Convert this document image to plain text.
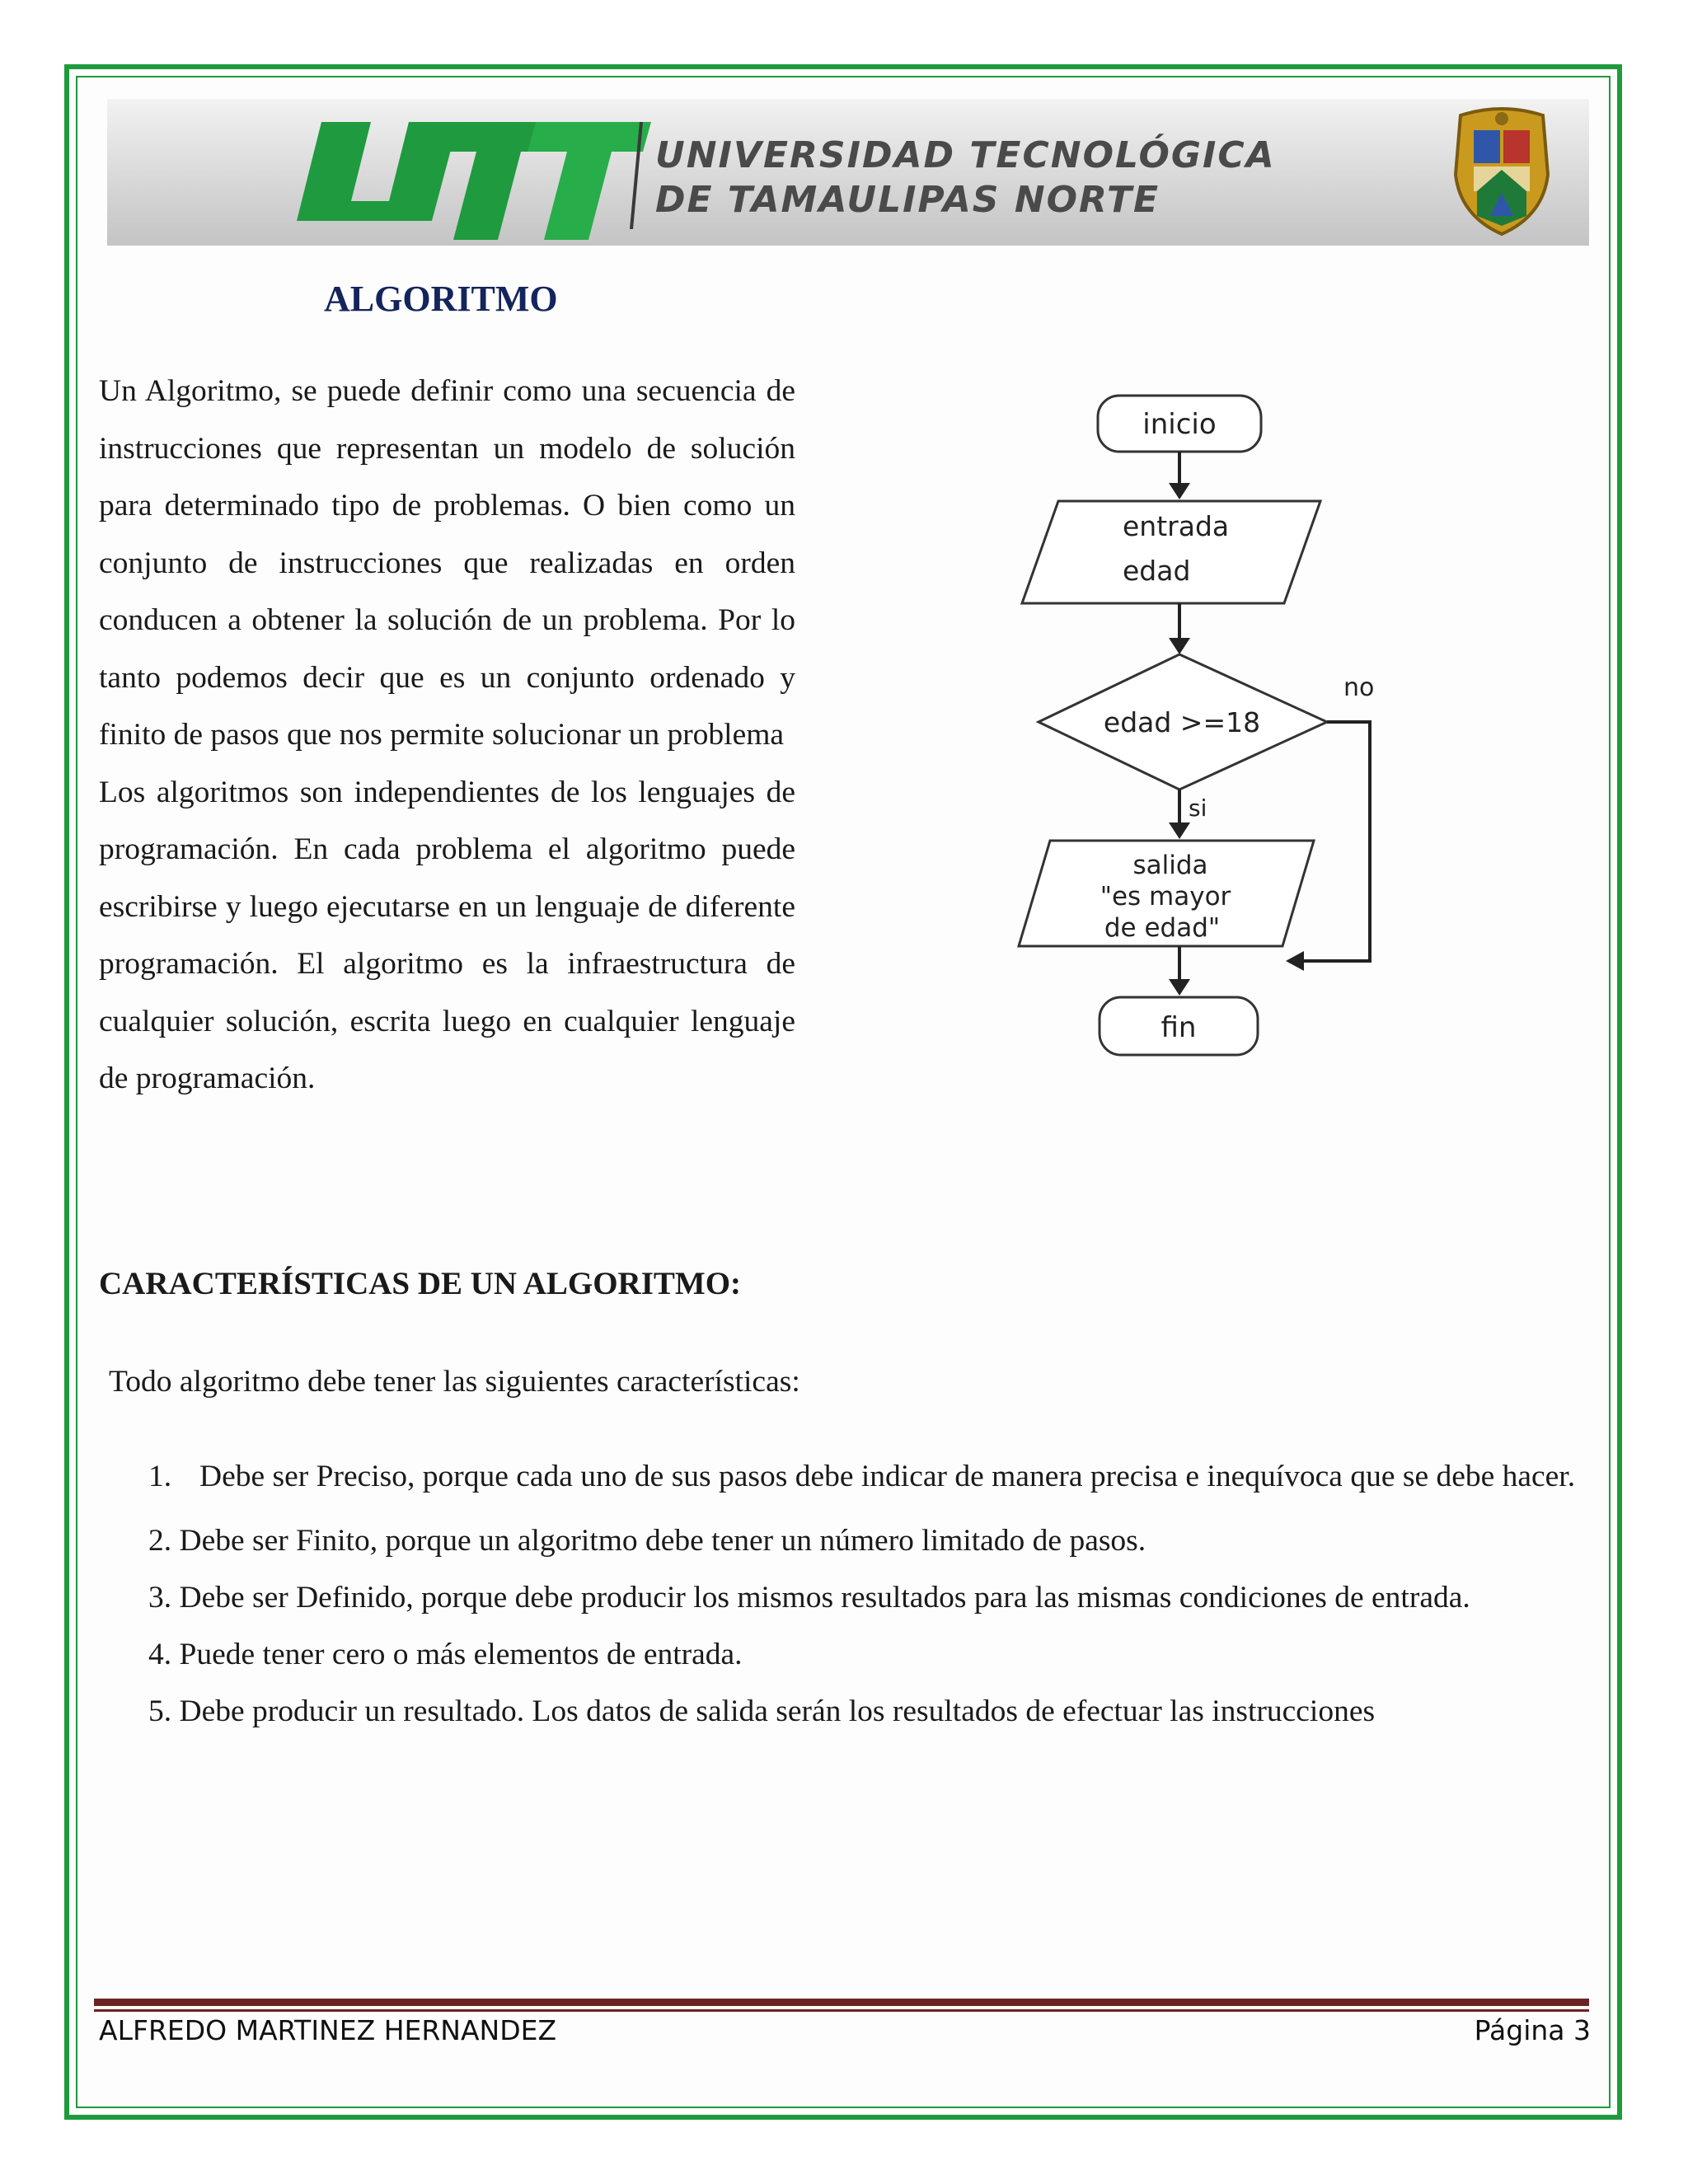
UTT
UNIVERSIDAD TECNOLÓGICA
DE TAMAULIPAS NORTE
ALGORITMO

Un Algoritmo, se puede definir como una secuencia de instrucciones que representan un modelo de solución para determinado tipo de problemas. O bien como un conjunto de instrucciones que realizadas en orden conducen a obtener la solución de un problema. Por lo tanto podemos decir que es un conjunto ordenado y finito de pasos que nos permite solucionar un problema

Los algoritmos son independientes de los lenguajes de programación. En cada problema el algoritmo puede escribirse y luego ejecutarse en un lenguaje de diferente programación. El algoritmo es la infraestructura de cualquier solución, escrita luego en cualquier lenguaje de programación.

inicio
entrada
edad
edad >=18
no
si
salida
"es mayor
de edad"
fin
CARACTERÍSTICAS DE UN ALGORITMO:
Todo algoritmo debe tener las siguientes características:
1. Debe ser Preciso, porque cada uno de sus pasos debe indicar de manera precisa e inequívoca que se debe hacer.
2. Debe ser Finito, porque un algoritmo debe tener un número limitado de pasos.
3. Debe ser Definido, porque debe producir los mismos resultados para las mismas condiciones de entrada.
4. Puede tener cero o más elementos de entrada.
5. Debe producir un resultado. Los datos de salida serán los resultados de efectuar las instrucciones
ALFREDO MARTINEZ HERNANDEZ	Página 3
